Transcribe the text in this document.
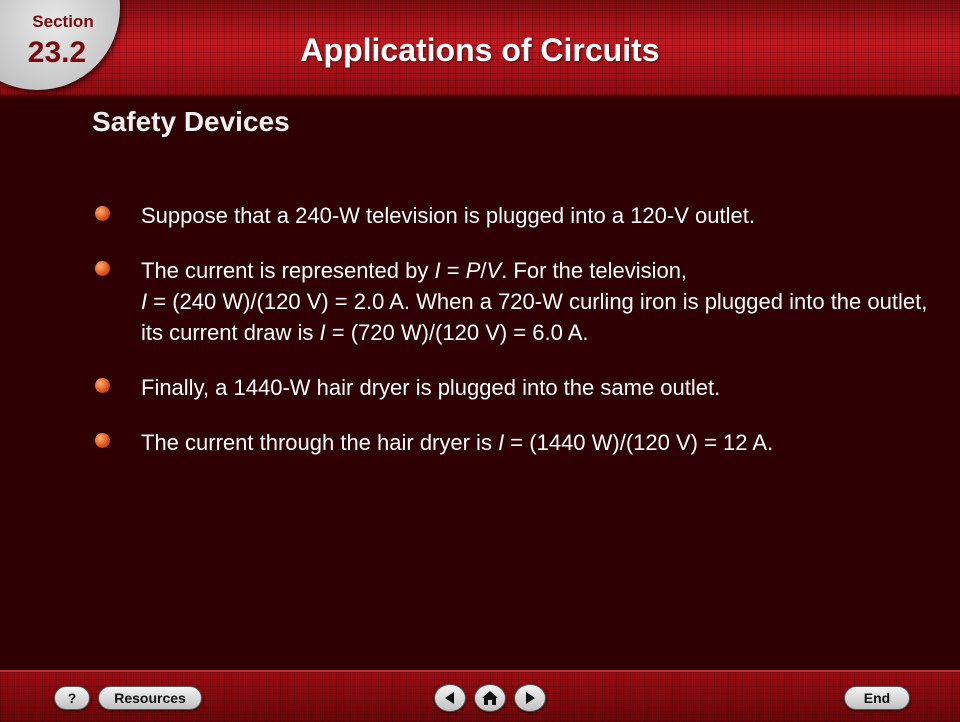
Section
23.2	Applications of Circuits
Safety Devices
Suppose that a 240-W television is plugged into a 120-V outlet.
The current is represented by I = P/V. For the television,
I = (240 W)/(120 V) = 2.0 A. When a 720-W curling iron is plugged into the outlet, its current draw is I = (720 W)/(120 V) = 6.0 A.
Finally, a 1440-W hair dryer is plugged into the same outlet.
The current through the hair dryer is I = (1440 W)/(120 V) = 12 A.
?	Resources	End
